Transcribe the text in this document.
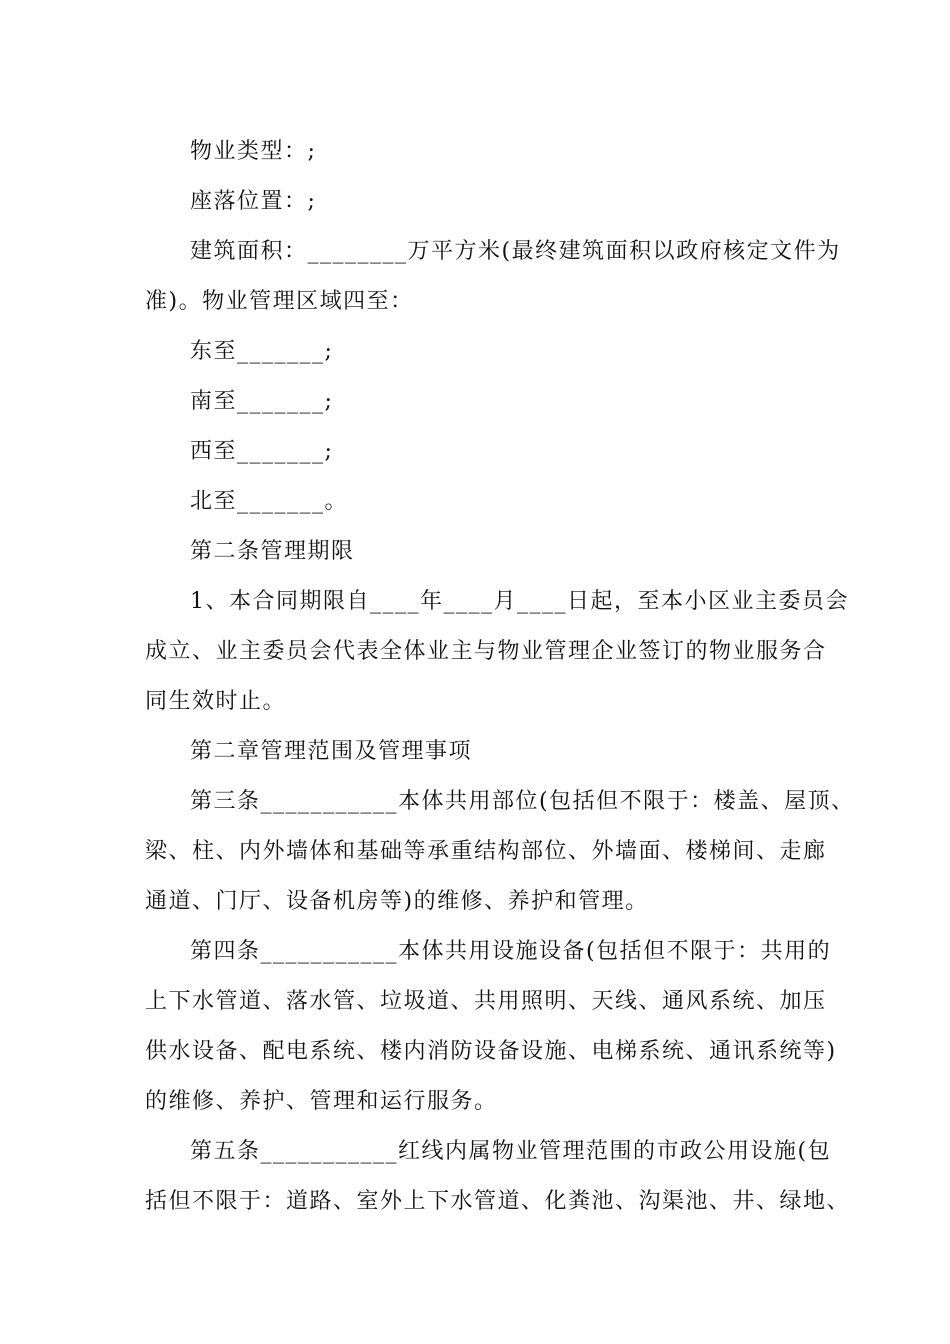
物业类型：;
座落位置：;
建筑面积：________万平方米(最终建筑面积以政府核定文件为
准)。物业管理区域四至：
东至_______;
南至_______;
西至_______;
北至_______。
第二条管理期限
1、本合同期限自____年____月____日起，至本小区业主委员会
成立、业主委员会代表全体业主与物业管理企业签订的物业服务合
同生效时止。
第二章管理范围及管理事项
第三条___________本体共用部位(包括但不限于：楼盖、屋顶、
梁、柱、内外墙体和基础等承重结构部位、外墙面、楼梯间、走廊
通道、门厅、设备机房等)的维修、养护和管理。
第四条___________本体共用设施设备(包括但不限于：共用的
上下水管道、落水管、垃圾道、共用照明、天线、通风系统、加压
供水设备、配电系统、楼内消防设备设施、电梯系统、通讯系统等)
的维修、养护、管理和运行服务。
第五条___________红线内属物业管理范围的市政公用设施(包
括但不限于：道路、室外上下水管道、化粪池、沟渠池、井、绿地、
